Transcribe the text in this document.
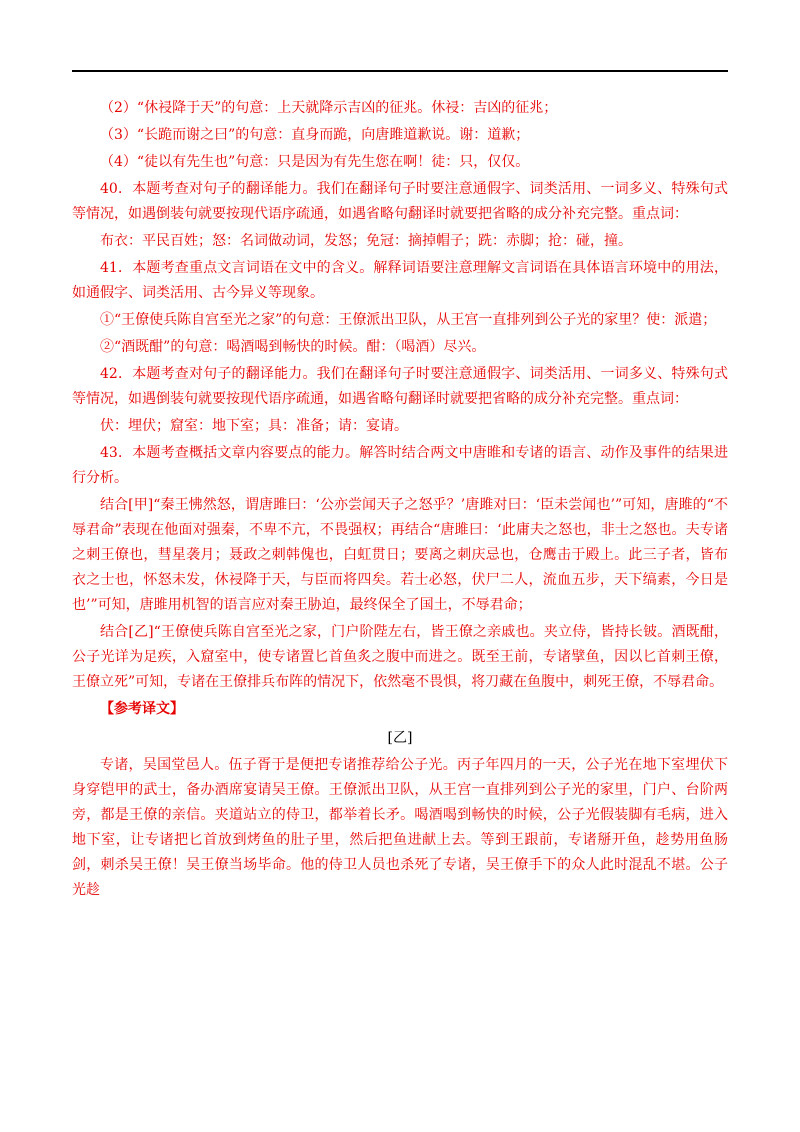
（2）“休祲降于天”的句意：上天就降示吉凶的征兆。休祲：吉凶的征兆；

（3）“长跪而谢之曰”的句意：直身而跪，向唐雎道歉说。谢：道歉；

（4）“徒以有先生也”句意：只是因为有先生您在啊！徒：只，仅仅。

40．本题考查对句子的翻译能力。我们在翻译句子时要注意通假字、词类活用、一词多义、特殊句式等情况，如遇倒装句就要按现代语序疏通，如遇省略句翻译时就要把省略的成分补充完整。重点词：

布衣：平民百姓；怒：名词做动词，发怒；免冠：摘掉帽子；跣：赤脚；抢：碰，撞。

41．本题考查重点文言词语在文中的含义。解释词语要注意理解文言词语在具体语言环境中的用法，如通假字、词类活用、古今异义等现象。

①“王僚使兵陈自宫至光之家”的句意：王僚派出卫队，从王宫一直排列到公子光的家里？使：派遣；

②“酒既酣”的句意：喝酒喝到畅快的时候。酣：（喝酒）尽兴。

42．本题考查对句子的翻译能力。我们在翻译句子时要注意通假字、词类活用、一词多义、特殊句式等情况，如遇倒装句就要按现代语序疏通，如遇省略句翻译时就要把省略的成分补充完整。重点词：

伏：埋伏；窟室：地下室；具：准备；请：宴请。

43．本题考查概括文章内容要点的能力。解答时结合两文中唐睢和专诸的语言、动作及事件的结果进行分析。

结合[甲]“秦王怫然怒，谓唐雎曰：‘公亦尝闻天子之怒乎？’唐雎对曰：‘臣未尝闻也’”可知，唐雎的“不辱君命”表现在他面对强秦，不卑不亢，不畏强权；再结合“唐雎曰：‘此庸夫之怒也，非士之怒也。夫专诸之刺王僚也，彗星袭月；聂政之刺韩傀也，白虹贯日；要离之刺庆忌也，仓鹰击于殿上。此三子者，皆布衣之士也，怀怒未发，休祲降于天，与臣而将四矣。若士必怒，伏尸二人，流血五步，天下缟素，今日是也’”可知，唐雎用机智的语言应对秦王胁迫，最终保全了国土，不辱君命；

结合[乙]“王僚使兵陈自宫至光之家，门户阶陛左右，皆王僚之亲戚也。夹立侍，皆持长铍。酒既酣，公子光详为足疾，入窟室中，使专诸置匕首鱼炙之腹中而进之。既至王前，专诸擘鱼，因以匕首刺王僚，王僚立死”可知，专诸在王僚排兵布阵的情况下，依然毫不畏惧，将刀藏在鱼腹中，刺死王僚，不辱君命。

【参考译文】

[乙]

专诸，吴国堂邑人。伍子胥于是便把专诸推荐给公子光。丙子年四月的一天，公子光在地下室埋伏下身穿铠甲的武士，备办酒席宴请吴王僚。王僚派出卫队，从王宫一直排列到公子光的家里，门户、台阶两旁，都是王僚的亲信。夹道站立的侍卫，都举着长矛。喝酒喝到畅快的时候，公子光假装脚有毛病，进入地下室，让专诸把匕首放到烤鱼的肚子里，然后把鱼进献上去。等到王跟前，专诸掰开鱼，趁势用鱼肠剑，刺杀吴王僚！吴王僚当场毕命。他的侍卫人员也杀死了专诸，吴王僚手下的众人此时混乱不堪。公子光趁
